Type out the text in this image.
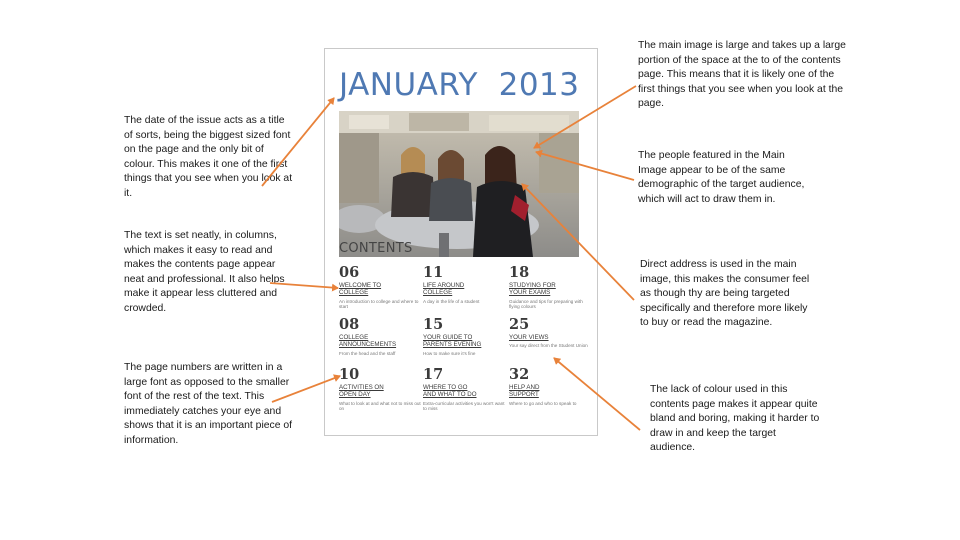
The date of the issue acts as a title of sorts, being the biggest sized font on the page and the only bit of colour. This makes it one of the first things that you see when you look at it.
The text is set neatly, in columns, which makes it easy to read and makes the contents page appear neat and professional. It also helps make it appear less cluttered and crowded.
The page numbers are written in a large font as opposed to the smaller font of the rest of the text. This immediately catches your eye and shows that it is an important piece of information.
The main image is large and takes up a large portion of the space at the to of the contents page. This means that it is likely one of the first things that you see when you look at the page.
The people featured in the Main Image appear to be of the same demographic of the target audience, which will act to draw them in.
Direct address is used in the main image, this makes the consumer feel as though thy are being targeted specifically and therefore more likely to buy or read the magazine.
The lack of colour used in this contents page makes it appear quite bland and boring, making it harder to draw in and keep the target audience.
JANUARY  2013
CONTENTS
06
WELCOME TO
COLLEGE
An introduction to college and where to start
11
LIFE AROUND
COLLEGE
A day in the life of a student
18
STUDYING FOR
YOUR EXAMS
Guidance and tips for preparing with flying colours
08
COLLEGE
ANNOUNCEMENTS
From the head and the staff
15
YOUR GUIDE TO
PARENTS EVENING
How to make sure it's fine
25
YOUR VIEWS
Your say direct from the Student Union
10
ACTIVITIES ON
OPEN DAY
What to look at and what not to miss out on
17
WHERE TO GO
AND WHAT TO DO
Extra-curricular activities you won't want to miss
32
HELP AND
SUPPORT
Where to go and who to speak to
